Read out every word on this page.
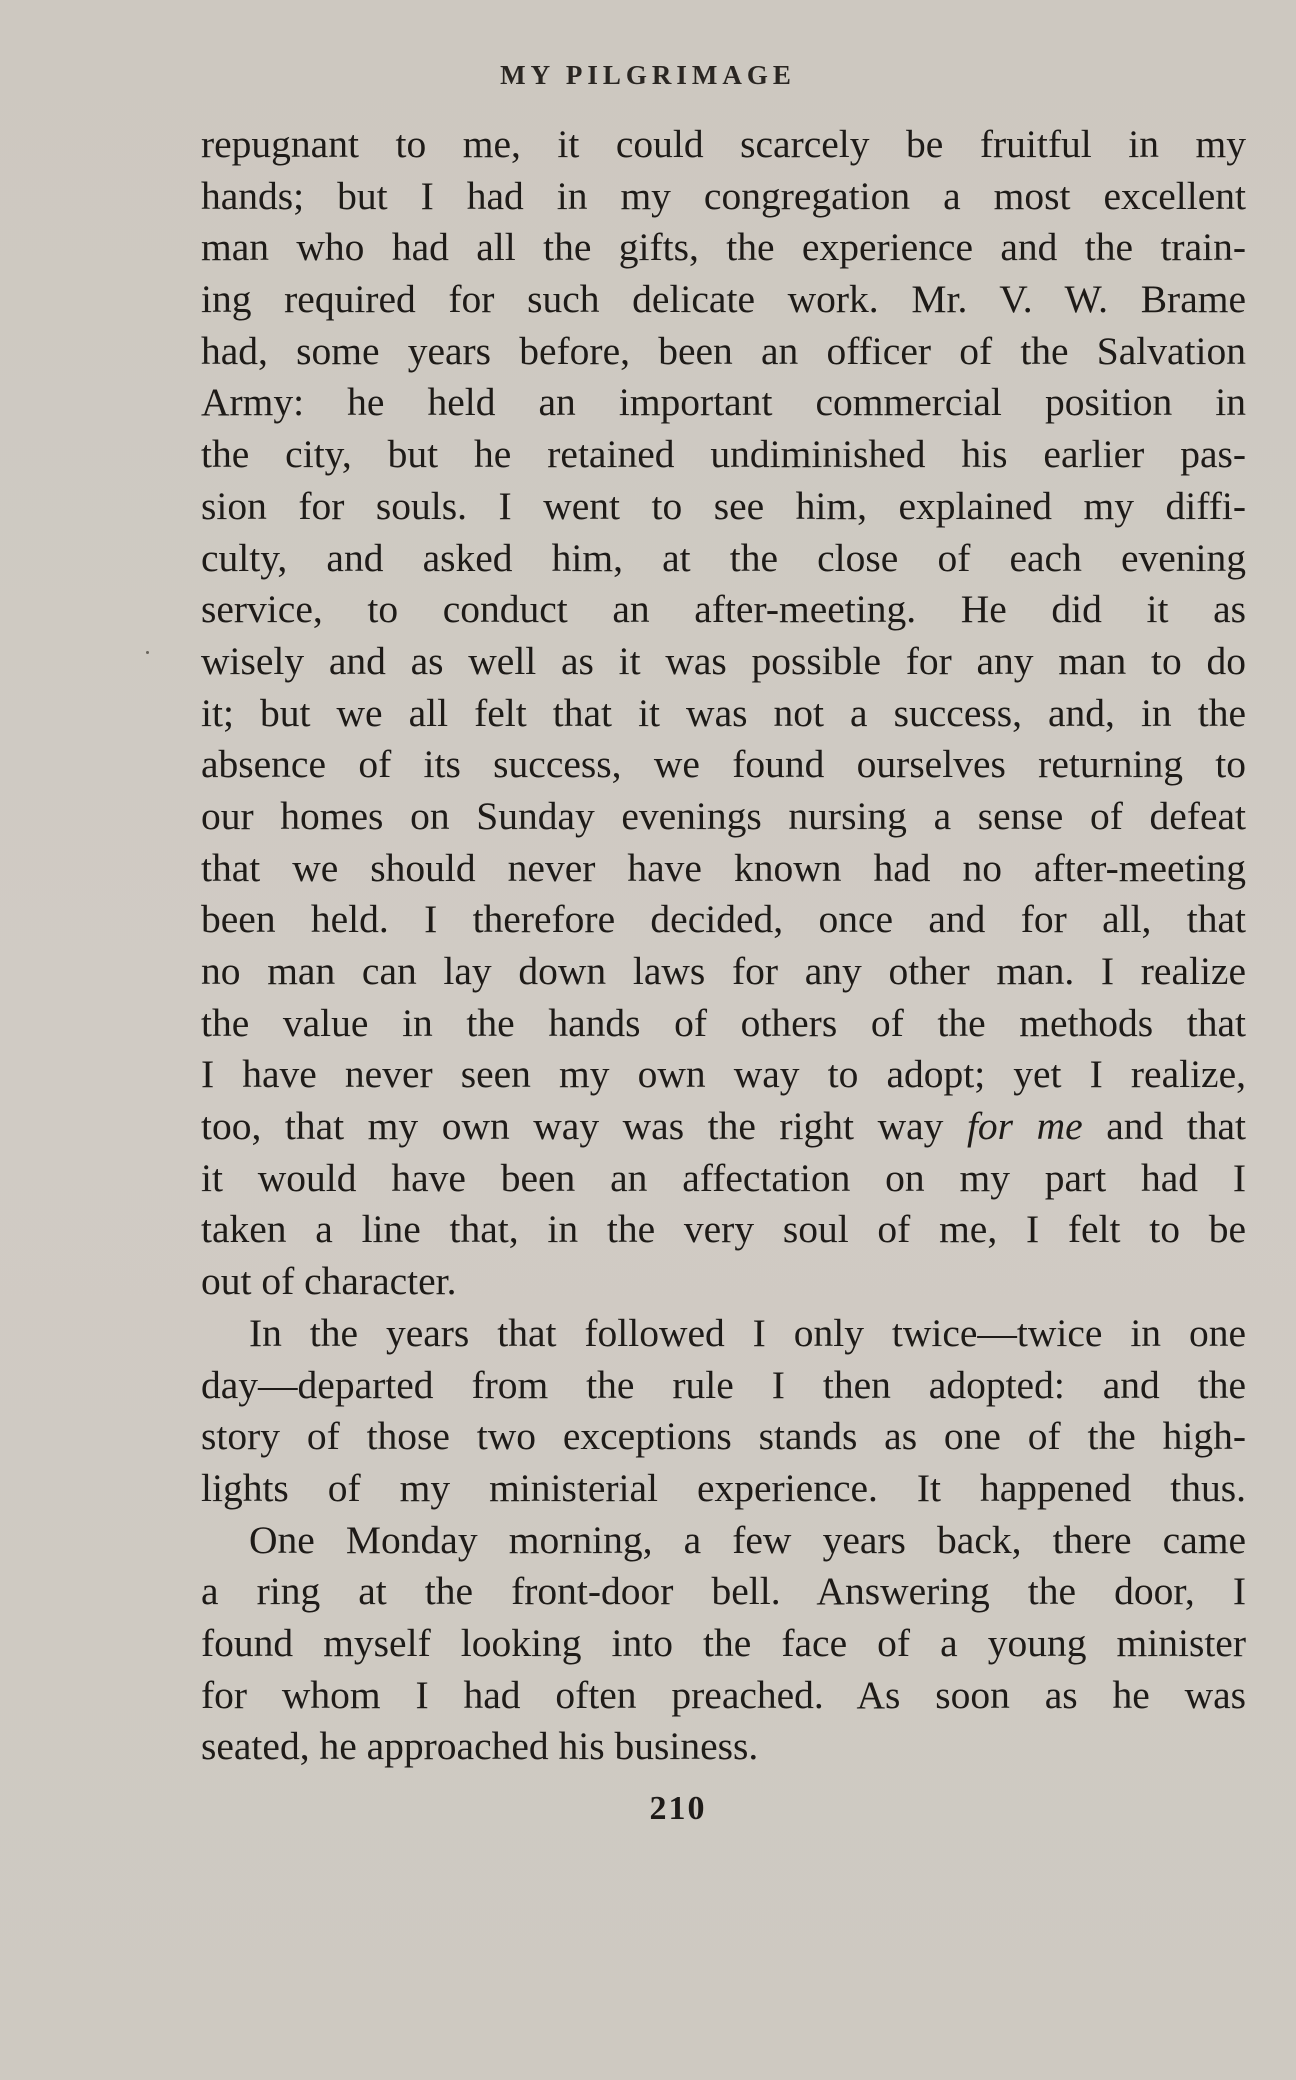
MY PILGRIMAGE
repugnant to me, it could scarcely be fruitful in my
hands; but I had in my congregation a most excellent
man who had all the gifts, the experience and the train-
ing required for such delicate work. Mr. V. W. Brame
had, some years before, been an officer of the Salvation
Army: he held an important commercial position in
the city, but he retained undiminished his earlier pas-
sion for souls. I went to see him, explained my diffi-
culty, and asked him, at the close of each evening
service, to conduct an after-meeting. He did it as
wisely and as well as it was possible for any man to do
it; but we all felt that it was not a success, and, in the
absence of its success, we found ourselves returning to
our homes on Sunday evenings nursing a sense of defeat
that we should never have known had no after-meeting
been held. I therefore decided, once and for all, that
no man can lay down laws for any other man. I realize
the value in the hands of others of the methods that
I have never seen my own way to adopt; yet I realize,
too, that my own way was the right way for me and that
it would have been an affectation on my part had I
taken a line that, in the very soul of me, I felt to be
out of character.
In the years that followed I only twice—twice in one
day—departed from the rule I then adopted: and the
story of those two exceptions stands as one of the high-
lights of my ministerial experience. It happened thus.
One Monday morning, a few years back, there came
a ring at the front-door bell. Answering the door, I
found myself looking into the face of a young minister
for whom I had often preached. As soon as he was
seated, he approached his business.
210
